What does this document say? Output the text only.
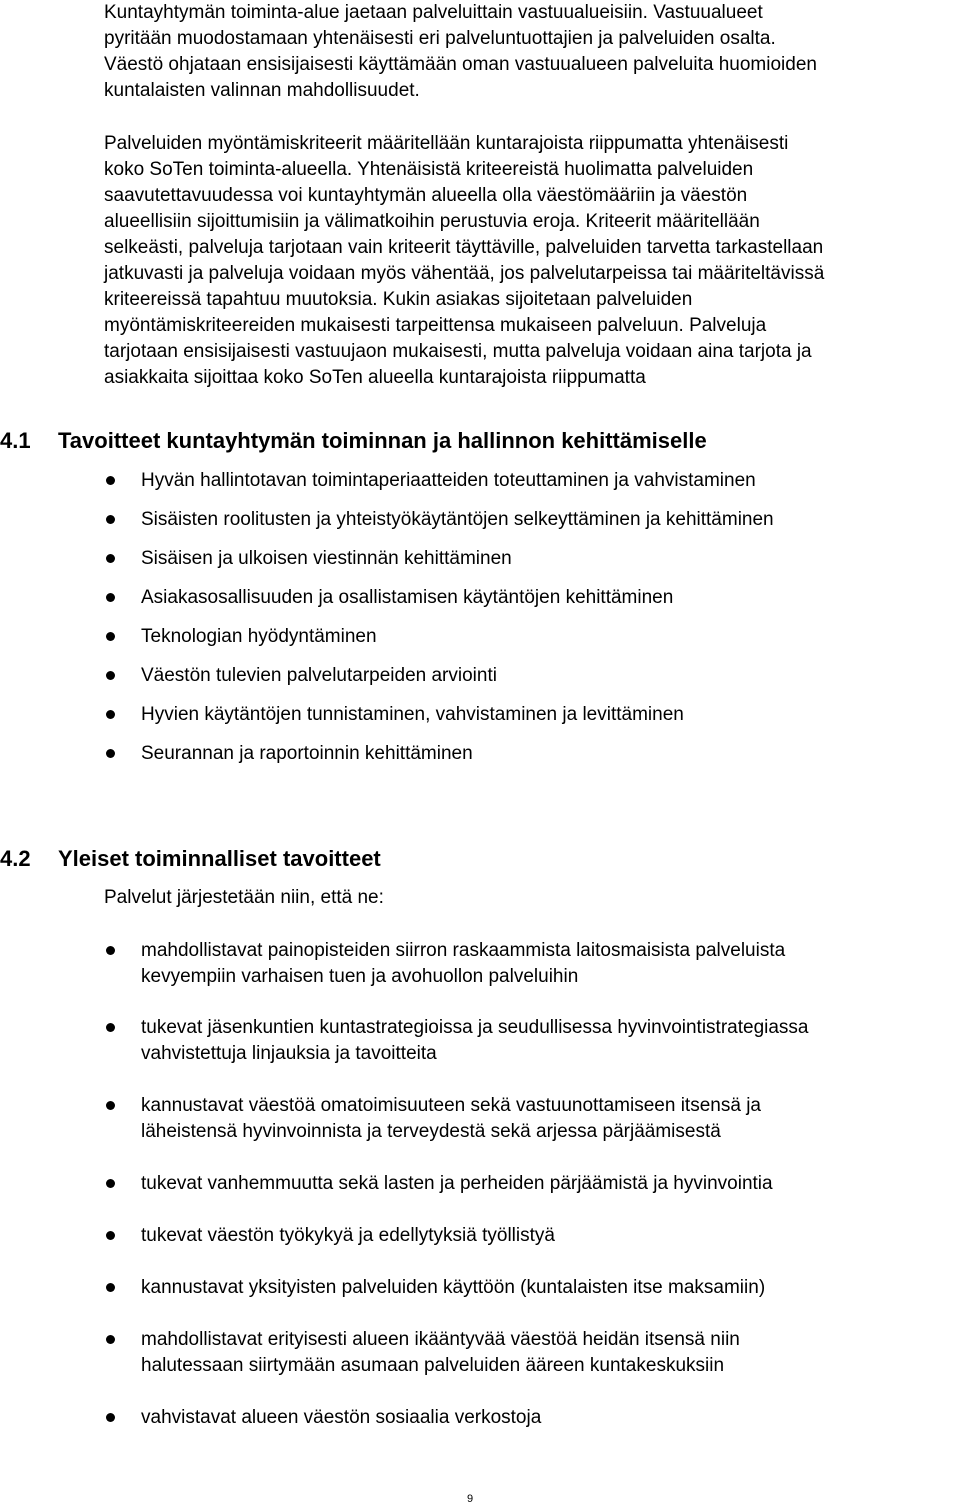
Kuntayhtymän toiminta-alue jaetaan palveluittain vastuualueisiin. Vastuualueet
pyritään muodostamaan yhtenäisesti eri palveluntuottajien ja palveluiden osalta.
Väestö ohjataan ensisijaisesti käyttämään oman vastuualueen palveluita huomioiden
kuntalaisten valinnan mahdollisuudet.

Palveluiden myöntämiskriteerit määritellään kuntarajoista riippumatta yhtenäisesti
koko SoTen toiminta-alueella. Yhtenäisistä kriteereistä huolimatta palveluiden
saavutettavuudessa voi kuntayhtymän alueella olla väestömääriin ja väestön
alueellisiin sijoittumisiin ja välimatkoihin perustuvia eroja. Kriteerit määritellään
selkeästi, palveluja tarjotaan vain kriteerit täyttäville, palveluiden tarvetta tarkastellaan
jatkuvasti ja palveluja voidaan myös vähentää, jos palvelutarpeissa tai määriteltävissä
kriteereissä tapahtuu muutoksia. Kukin asiakas sijoitetaan palveluiden
myöntämiskriteereiden mukaisesti tarpeittensa mukaiseen palveluun. Palveluja
tarjotaan ensisijaisesti vastuujaon mukaisesti, mutta palveluja voidaan aina tarjota ja
asiakkaita sijoittaa koko SoTen alueella kuntarajoista riippumatta

4.1 Tavoitteet kuntayhtymän toiminnan ja hallinnon kehittämiselle
Hyvän hallintotavan toimintaperiaatteiden toteuttaminen ja vahvistaminen
Sisäisten roolitusten ja yhteistyökäytäntöjen selkeyttäminen ja kehittäminen
Sisäisen ja ulkoisen viestinnän kehittäminen
Asiakasosallisuuden ja osallistamisen käytäntöjen kehittäminen
Teknologian hyödyntäminen
Väestön tulevien palvelutarpeiden arviointi
Hyvien käytäntöjen tunnistaminen, vahvistaminen ja levittäminen
Seurannan ja raportoinnin kehittäminen
4.2 Yleiset toiminnalliset tavoitteet

Palvelut järjestetään niin, että ne:

mahdollistavat painopisteiden siirron raskaammista laitosmaisista palveluista
kevyempiin varhaisen tuen ja avohuollon palveluihin
tukevat jäsenkuntien kuntastrategioissa ja seudullisessa hyvinvointistrategiassa
vahvistettuja linjauksia ja tavoitteita
kannustavat väestöä omatoimisuuteen sekä vastuunottamiseen itsensä ja
läheistensä hyvinvoinnista ja terveydestä sekä arjessa pärjäämisestä
tukevat vanhemmuutta sekä lasten ja perheiden pärjäämistä ja hyvinvointia
tukevat väestön työkykyä ja edellytyksiä työllistyä
kannustavat yksityisten palveluiden käyttöön (kuntalaisten itse maksamiin)
mahdollistavat erityisesti alueen ikääntyvää väestöä heidän itsensä niin
halutessaan siirtymään asumaan palveluiden ääreen kuntakeskuksiin
vahvistavat alueen väestön sosiaalia verkostoja
9
